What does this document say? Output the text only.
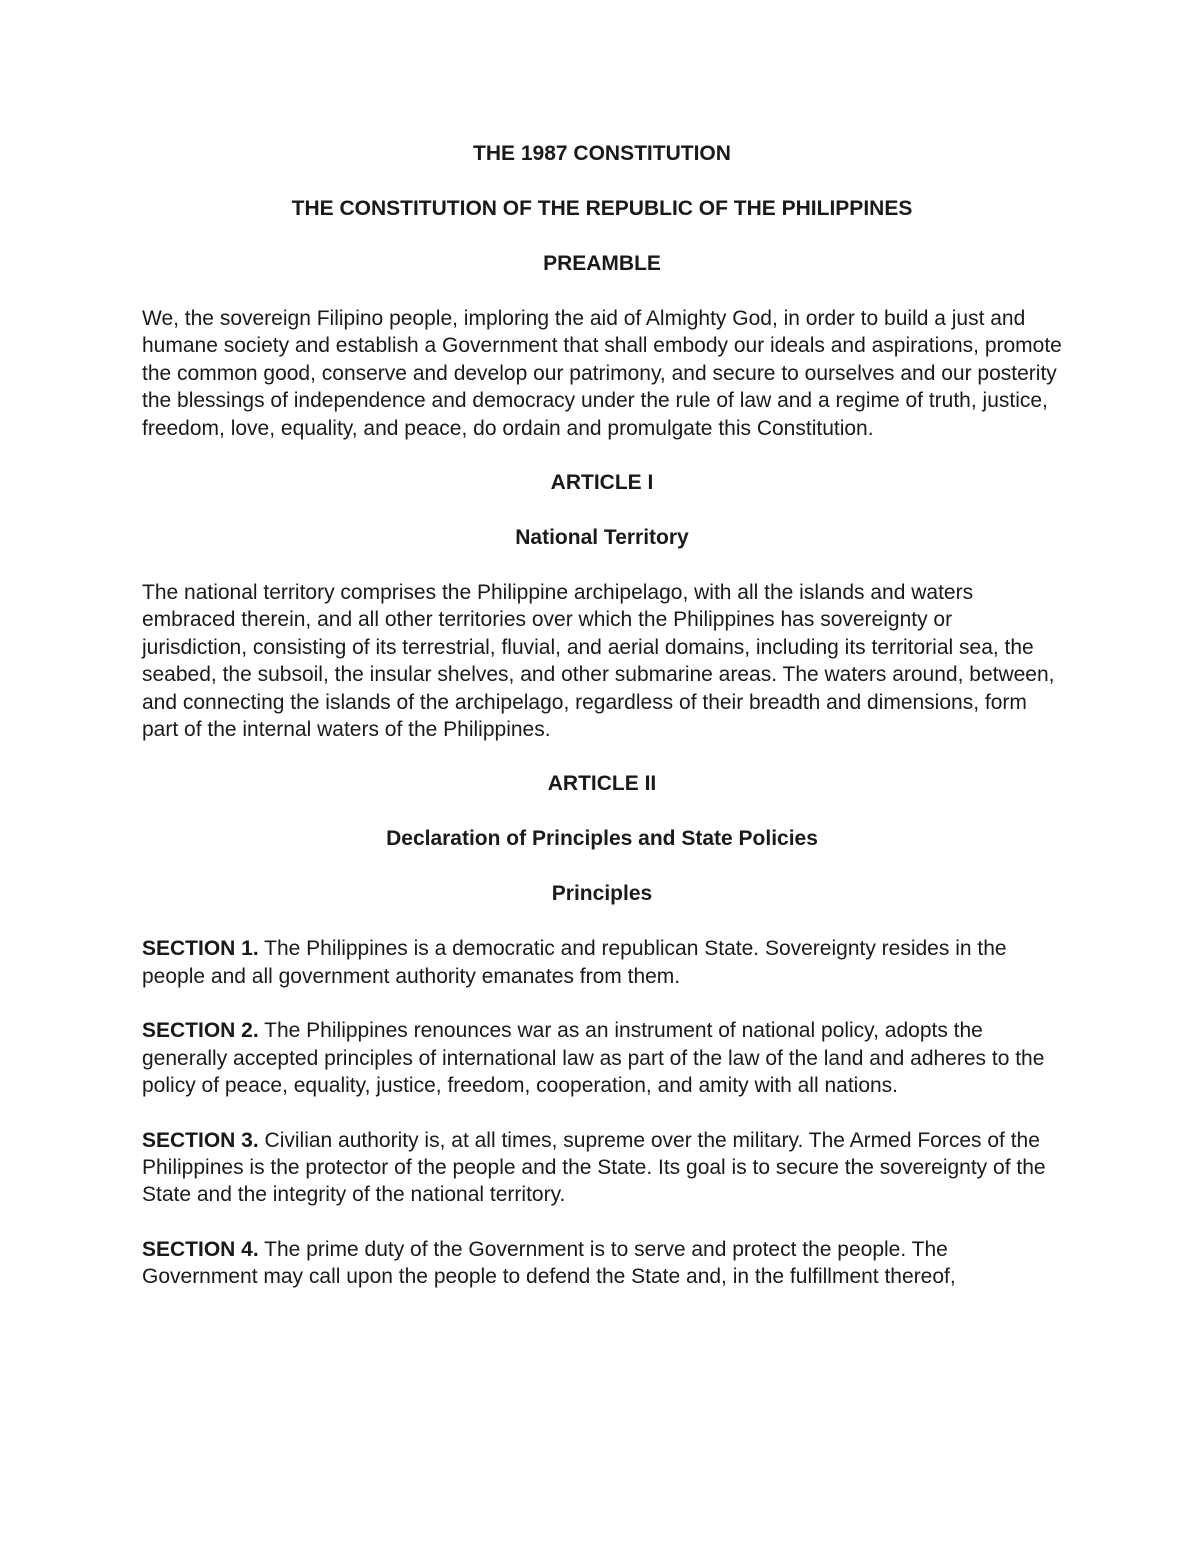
THE 1987 CONSTITUTION
THE CONSTITUTION OF THE REPUBLIC OF THE PHILIPPINES
PREAMBLE
We, the sovereign Filipino people, imploring the aid of Almighty God, in order to build a just and humane society and establish a Government that shall embody our ideals and aspirations, promote the common good, conserve and develop our patrimony, and secure to ourselves and our posterity the blessings of independence and democracy under the rule of law and a regime of truth, justice, freedom, love, equality, and peace, do ordain and promulgate this Constitution.
ARTICLE I
National Territory
The national territory comprises the Philippine archipelago, with all the islands and waters embraced therein, and all other territories over which the Philippines has sovereignty or jurisdiction, consisting of its terrestrial, fluvial, and aerial domains, including its territorial sea, the seabed, the subsoil, the insular shelves, and other submarine areas. The waters around, between, and connecting the islands of the archipelago, regardless of their breadth and dimensions, form part of the internal waters of the Philippines.
ARTICLE II
Declaration of Principles and State Policies
Principles
SECTION 1. The Philippines is a democratic and republican State. Sovereignty resides in the people and all government authority emanates from them.
SECTION 2. The Philippines renounces war as an instrument of national policy, adopts the generally accepted principles of international law as part of the law of the land and adheres to the policy of peace, equality, justice, freedom, cooperation, and amity with all nations.
SECTION 3. Civilian authority is, at all times, supreme over the military. The Armed Forces of the Philippines is the protector of the people and the State. Its goal is to secure the sovereignty of the State and the integrity of the national territory.
SECTION 4. The prime duty of the Government is to serve and protect the people. The Government may call upon the people to defend the State and, in the fulfillment thereof,
